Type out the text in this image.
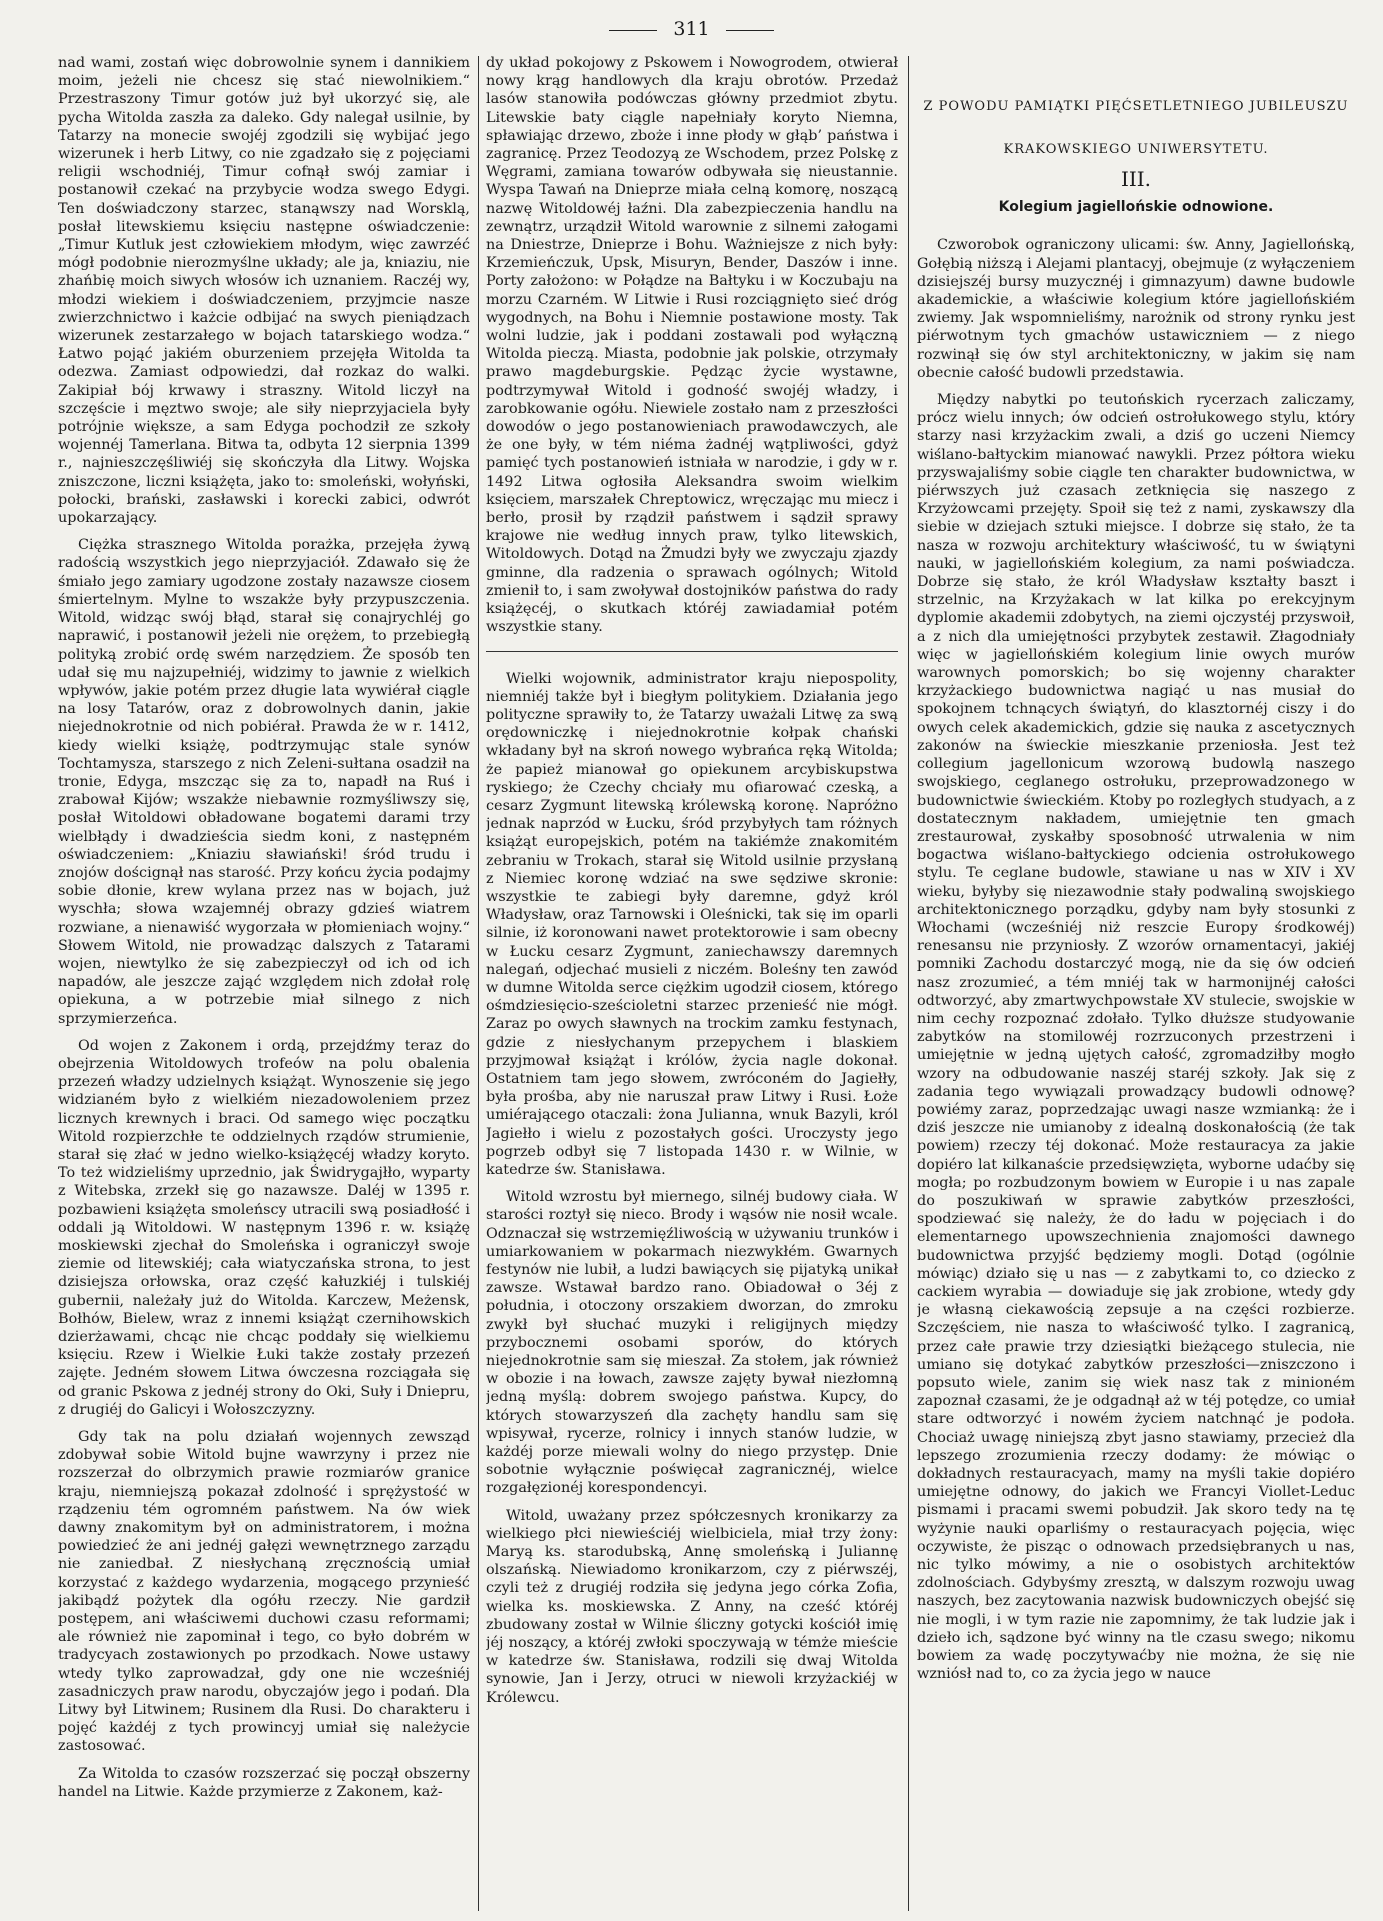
311

nad wami, zostań więc dobrowolnie synem i dannikiem moim, jeżeli nie chcesz się stać niewolnikiem.“ Przestraszony Timur gotów już był ukorzyć się, ale pycha Witolda zaszła za daleko. Gdy nalegał usilnie, by Tatarzy na monecie swojéj zgodzili się wybijać jego wizerunek i herb Litwy, co nie zgadzało się z pojęciami religii wschodniéj, Timur cofnął swój zamiar i postanowił czekać na przybycie wodza swego Edygi. Ten doświadczony starzec, stanąwszy nad Worsklą, posłał litewskiemu księciu następne oświadczenie: „Timur Kutluk jest człowiekiem młodym, więc zawrzéć mógł podobnie nierozmyślne układy; ale ja, kniaziu, nie zhańbię moich siwych włosów ich uznaniem. Raczéj wy, młodzi wiekiem i doświadczeniem, przyjmcie nasze zwierzchnictwo i każcie odbijać na swych pieniądzach wizerunek zestarzałego w bojach tatarskiego wodza.“ Łatwo pojąć jakiém oburzeniem przejęła Witolda ta odezwa. Zamiast odpowiedzi, dał rozkaz do walki. Zakipiał bój krwawy i straszny. Witold liczył na szczęście i męztwo swoje; ale siły nieprzyjaciela były potrójnie większe, a sam Edyga pochodził ze szkoły wojennéj Tamerlana. Bitwa ta, odbyta 12 sierpnia 1399 r., najnieszczęśliwiéj się skończyła dla Litwy. Wojska zniszczone, liczni książęta, jako to: smoleński, wołyński, połocki, brański, zasławski i korecki zabici, odwrót upokarzający.

Ciężka strasznego Witolda porażka, przejęła żywą radością wszystkich jego nieprzyjaciół. Zdawało się że śmiało jego zamiary ugodzone zostały nazawsze ciosem śmiertelnym. Mylne to wszakże były przypuszczenia. Witold, widząc swój błąd, starał się conajrychléj go naprawić, i postanowił jeżeli nie orężem, to przebiegłą polityką zrobić ordę swém narzędziem. Że sposób ten udał się mu najzupełniéj, widzimy to jawnie z wielkich wpływów, jakie potém przez długie lata wywiérał ciągle na losy Tatarów, oraz z dobrowolnych danin, jakie niejednokrotnie od nich pobiérał. Prawda że w r. 1412, kiedy wielki książę, podtrzymując stale synów Tochtamysza, starszego z nich Zeleni-sułtana osadził na tronie, Edyga, mszcząc się za to, napadł na Ruś i zrabował Kijów; wszakże niebawnie rozmyśliwszy się, posłał Witoldowi obładowane bogatemi darami trzy wielbłądy i dwadzieścia siedm koni, z następném oświadczeniem: „Kniaziu sławiański! śród trudu i znojów doścignął nas starość. Przy końcu życia podajmy sobie dłonie, krew wylana przez nas w bojach, już wyschła; słowa wzajemnéj obrazy gdzieś wiatrem rozwiane, a nienawiść wygorzała w płomieniach wojny.“ Słowem Witold, nie prowadząc dalszych z Tatarami wojen, niewtylko że się zabezpieczył od ich od ich napadów, ale jeszcze zająć względem nich zdołał rolę opiekuna, a w potrzebie miał silnego z nich sprzymierzeńca.

Od wojen z Zakonem i ordą, przejdźmy teraz do obejrzenia Witoldowych trofeów na polu obalenia przezeń władzy udzielnych książąt. Wynoszenie się jego widzianém było z wielkiém niezadowoleniem przez licznych krewnych i braci. Od samego więc początku Witold rozpierzchłe te oddzielnych rządów strumienie, starał się złać w jedno wielko-książęcéj władzy koryto. To też widzieliśmy uprzednio, jak Świdrygajłło, wyparty z Witebska, zrzekł się go nazawsze. Daléj w 1395 r. pozbawieni książęta smoleńscy utracili swą posiadłość i oddali ją Witoldowi. W następnym 1396 r. w. książę moskiewski zjechał do Smoleńska i ograniczył swoje ziemie od litewskiéj; cała wiatyczańska strona, to jest dzisiejsza orłowska, oraz część kałuzkiéj i tulskiéj gubernii, należały już do Witolda. Karczew, Meżensk, Bołhów, Bielew, wraz z innemi książąt czernihowskich dzierżawami, chcąc nie chcąc poddały się wielkiemu księciu. Rzew i Wielkie Łuki także zostały przezeń zajęte. Jedném słowem Litwa ówczesna rozciągała się od granic Pskowa z jednéj strony do Oki, Suły i Dniepru, z drugiéj do Galicyi i Wołoszczyzny.

Gdy tak na polu działań wojennych zewsząd zdobywał sobie Witold bujne wawrzyny i przez nie rozszerzał do olbrzymich prawie rozmiarów granice kraju, niemniejszą pokazał zdolność i sprężystość w rządzeniu tém ogromném państwem. Na ów wiek dawny znakomitym był on administratorem, i można powiedzieć że ani jednéj gałęzi wewnętrznego zarządu nie zaniedbał. Z niesłychaną zręcznością umiał korzystać z każdego wydarzenia, mogącego przynieść jakibądź pożytek dla ogółu rzeczy. Nie gardził postępem, ani właściwemi duchowi czasu reformami; ale również nie zapominał i tego, co było dobrém w tradycyach zostawionych po przodkach. Nowe ustawy wtedy tylko zaprowadzał, gdy one nie wcześniéj zasadniczych praw narodu, obyczajów jego i podań. Dla Litwy był Litwinem; Rusinem dla Rusi. Do charakteru i pojęć każdéj z tych prowincyj umiał się należycie zastosować.

Za Witolda to czasów rozszerzać się począł obszerny handel na Litwie. Każde przymierze z Zakonem, każ-

dy układ pokojowy z Pskowem i Nowogrodem, otwierał nowy krąg handlowych dla kraju obrotów. Przedaż lasów stanowiła podówczas główny przedmiot zbytu. Litewskie baty ciągle napełniały koryto Niemna, spławiając drzewo, zboże i inne płody w głąb’ państwa i zagranicę. Przez Teodozyą ze Wschodem, przez Polskę z Węgrami, zamiana towarów odbywała się nieustannie. Wyspa Tawań na Dnieprze miała celną komorę, noszącą nazwę Witoldowéj łaźni. Dla zabezpieczenia handlu na zewnątrz, urządził Witold warownie z silnemi załogami na Dniestrze, Dnieprze i Bohu. Ważniejsze z nich były: Krzemieńczuk, Upsk, Misuryn, Bender, Daszów i inne. Porty założono: w Połądze na Bałtyku i w Koczubaju na morzu Czarném. W Litwie i Rusi rozciągnięto sieć dróg wygodnych, na Bohu i Niemnie postawione mosty. Tak wolni ludzie, jak i poddani zostawali pod wyłączną Witolda pieczą. Miasta, podobnie jak polskie, otrzymały prawo magdeburgskie. Pędząc życie wystawne, podtrzymywał Witold i godność swojéj władzy, i zarobkowanie ogółu. Niewiele zostało nam z przeszłości dowodów o jego postanowieniach prawodawczych, ale że one były, w tém niéma żadnéj wątpliwości, gdyż pamięć tych postanowień istniała w narodzie, i gdy w r. 1492 Litwa ogłosiła Aleksandra swoim wielkim księciem, marszałek Chreptowicz, wręczając mu miecz i berło, prosił by rządził państwem i sądził sprawy krajowe nie według innych praw, tylko litewskich, Witoldowych. Dotąd na Żmudzi były we zwyczaju zjazdy gminne, dla radzenia o sprawach ogólnych; Witold zmienił to, i sam zwoływał dostojników państwa do rady książęcéj, o skutkach któréj zawiadamiał potém wszystkie stany.

Wielki wojownik, administrator kraju niepospolity, niemniéj także był i biegłym politykiem. Działania jego polityczne sprawiły to, że Tatarzy uważali Litwę za swą orędowniczkę i niejednokrotnie kołpak chański wkładany był na skroń nowego wybrańca ręką Witolda; że papież mianował go opiekunem arcybiskupstwa ryskiego; że Czechy chciały mu ofiarować czeską, a cesarz Zygmunt litewską królewską koronę. Napróżno jednak naprzód w Łucku, śród przybyłych tam różnych książąt europejskich, potém na takiémże znakomitém zebraniu w Trokach, starał się Witold usilnie przysłaną z Niemiec koronę wdziać na swe sędziwe skronie: wszystkie te zabiegi były daremne, gdyż król Władysław, oraz Tarnowski i Oleśnicki, tak się im oparli silnie, iż koronowani nawet protektorowie i sam obecny w Łucku cesarz Zygmunt, zaniechawszy daremnych nalegań, odjechać musieli z niczém. Boleśny ten zawód w dumne Witolda serce ciężkim ugodził ciosem, którego ośmdziesięcio-sześcioletni starzec przenieść nie mógł. Zaraz po owych sławnych na trockim zamku festynach, gdzie z niesłychanym przepychem i blaskiem przyjmował książąt i królów, życia nagle dokonał. Ostatniem tam jego słowem, zwróconém do Jagiełły, była prośba, aby nie naruszał praw Litwy i Rusi. Łoże umiérającego otaczali: żona Julianna, wnuk Bazyli, król Jagiełło i wielu z pozostałych gości. Uroczysty jego pogrzeb odbył się 7 listopada 1430 r. w Wilnie, w katedrze św. Stanisława.

Witold wzrostu był miernego, silnéj budowy ciała. W starości roztył się nieco. Brody i wąsów nie nosił wcale. Odznaczał się wstrzemięźliwością w używaniu trunków i umiarkowaniem w pokarmach niezwykłém. Gwarnych festynów nie lubił, a ludzi bawiących się pijatyką unikał zawsze. Wstawał bardzo rano. Obiadował o 3éj z południa, i otoczony orszakiem dworzan, do zmroku zwykł był słuchać muzyki i religijnych między przybocznemi osobami sporów, do których niejednokrotnie sam się mieszał. Za stołem, jak również w obozie i na łowach, zawsze zajęty bywał niezłomną jedną myślą: dobrem swojego państwa. Kupcy, do których stowarzyszeń dla zachęty handlu sam się wpisywał, rycerze, rolnicy i innych stanów ludzie, w każdéj porze miewali wolny do niego przystęp. Dnie sobotnie wyłącznie poświęcał zagranicznéj, wielce rozgałęzionéj korespondencyi.

Witold, uważany przez spółczesnych kronikarzy za wielkiego płci niewieściéj wielbiciela, miał trzy żony: Maryą ks. starodubską, Annę smoleńską i Juliannę olszańską. Niewiadomo kronikarzom, czy z piérwszéj, czyli też z drugiéj rodziła się jedyna jego córka Zofia, wielka ks. moskiewska. Z Anny, na cześć któréj zbudowany został w Wilnie śliczny gotycki kościół imię jéj noszący, a któréj zwłoki spoczywają w témże mieście w katedrze św. Stanisława, rodzili się dwaj Witolda synowie, Jan i Jerzy, otruci w niewoli krzyżackiéj w Królewcu.

Z POWODU PAMIĄTKI PIĘĆSETLETNIEGO JUBILEUSZU

KRAKOWSKIEGO UNIWERSYTETU.

III.

Kolegium jagiellońskie odnowione.

Czworobok ograniczony ulicami: św. Anny, Jagiellońską, Gołębią niższą i Alejami plantacyj, obejmuje (z wyłączeniem dzisiejszéj bursy muzycznéj i gimnazyum) dawne budowle akademickie, a właściwie kolegium które jagiellońskiém zwiemy. Jak wspomnieliśmy, narożnik od strony rynku jest piérwotnym tych gmachów ustawiczniem — z niego rozwinął się ów styl architektoniczny, w jakim się nam obecnie całość budowli przedstawia.

Między nabytki po teutońskich rycerzach zaliczamy, prócz wielu innych; ów odcień ostrołukowego stylu, który starzy nasi krzyżackim zwali, a dziś go uczeni Niemcy wiślano-bałtyckim mianować nawykli. Przez półtora wieku przyswajaliśmy sobie ciągle ten charakter budownictwa, w piérwszych już czasach zetknięcia się naszego z Krzyżowcami przejęty. Spoił się też z nami, zyskawszy dla siebie w dziejach sztuki miejsce. I dobrze się stało, że ta nasza w rozwoju architektury właściwość, tu w świątyni nauki, w jagiellońskiém kolegium, za nami poświadcza. Dobrze się stało, że król Władysław kształty baszt i strzelnic, na Krzyżakach w lat kilka po erekcyjnym dyplomie akademii zdobytych, na ziemi ojczystéj przyswoił, a z nich dla umiejętności przybytek zestawił. Złagodniały więc w jagiellońskiém kolegium linie owych murów warownych pomorskich; bo się wojenny charakter krzyżackiego budownictwa nagiąć u nas musiał do spokojnem tchnących świątyń, do klasztornéj ciszy i do owych celek akademickich, gdzie się nauka z ascetycznych zakonów na świeckie mieszkanie przeniosła. Jest też collegium jagellonicum wzorową budowlą naszego swojskiego, ceglanego ostrołuku, przeprowadzonego w budownictwie świeckiém. Ktoby po rozległych studyach, a z dostatecznym nakładem, umiejętnie ten gmach zrestaurował, zyskałby sposobność utrwalenia w nim bogactwa wiślano-bałtyckiego odcienia ostrołukowego stylu. Te ceglane budowle, stawiane u nas w XIV i XV wieku, byłyby się niezawodnie stały podwaliną swojskiego architektonicznego porządku, gdyby nam były stosunki z Włochami (wcześniéj niż reszcie Europy środkowéj) renesansu nie przyniosły. Z wzorów ornamentacyi, jakiéj pomniki Zachodu dostarczyć mogą, nie da się ów odcień nasz zrozumieć, a tém mniéj tak w harmonijnéj całości odtworzyć, aby zmartwychpowstałe XV stulecie, swojskie w nim cechy rozpoznać zdołało. Tylko dłuższe studyowanie zabytków na stomilowéj rozrzuconych przestrzeni i umiejętnie w jedną ujętych całość, zgromadziłby mogło wzory na odbudowanie naszéj staréj szkoły. Jak się z zadania tego wywiązali prowadzący budowli odnowę? powiémy zaraz, poprzedzając uwagi nasze wzmianką: że i dziś jeszcze nie umianoby z idealną doskonałością (że tak powiem) rzeczy téj dokonać. Może restauracya za jakie dopiéro lat kilkanaście przedsięwzięta, wyborne udaćby się mogła; po rozbudzonym bowiem w Europie i u nas zapale do poszukiwań w sprawie zabytków przeszłości, spodziewać się należy, że do ładu w pojęciach i do elementarnego upowszechnienia znajomości dawnego budownictwa przyjść będziemy mogli. Dotąd (ogólnie mówiąc) działo się u nas — z zabytkami to, co dziecko z cackiem wyrabia — dowiaduje się jak zrobione, wtedy gdy je własną ciekawością zepsuje a na części rozbierze. Szczęściem, nie nasza to właściwość tylko. I zagranicą, przez całe prawie trzy dziesiątki bieżącego stulecia, nie umiano się dotykać zabytków przeszłości—zniszczono i popsuto wiele, zanim się wiek nasz tak z minioném zapoznał czasami, że je odgadnął aż w téj potędze, co umiał stare odtworzyć i nowém życiem natchnąć je podoła. Chociaż uwagę niniejszą zbyt jasno stawiamy, przecież dla lepszego zrozumienia rzeczy dodamy: że mówiąc o dokładnych restauracyach, mamy na myśli takie dopiéro umiejętne odnowy, do jakich we Francyi Viollet-Leduc pismami i pracami swemi pobudził. Jak skoro tedy na tę wyżynie nauki oparliśmy o restauracyach pojęcia, więc oczywiste, że pisząc o odnowach przedsiębranych u nas, nic tylko mówimy, a nie o osobistych architektów zdolnościach. Gdybyśmy zresztą, w dalszym rozwoju uwag naszych, bez zacytowania nazwisk budowniczych obejść się nie mogli, i w tym razie nie zapomnimy, że tak ludzie jak i dzieło ich, sądzone być winny na tle czasu swego; nikomu bowiem za wadę poczytywaćby nie można, że się nie wzniósł nad to, co za życia jego w nauce
